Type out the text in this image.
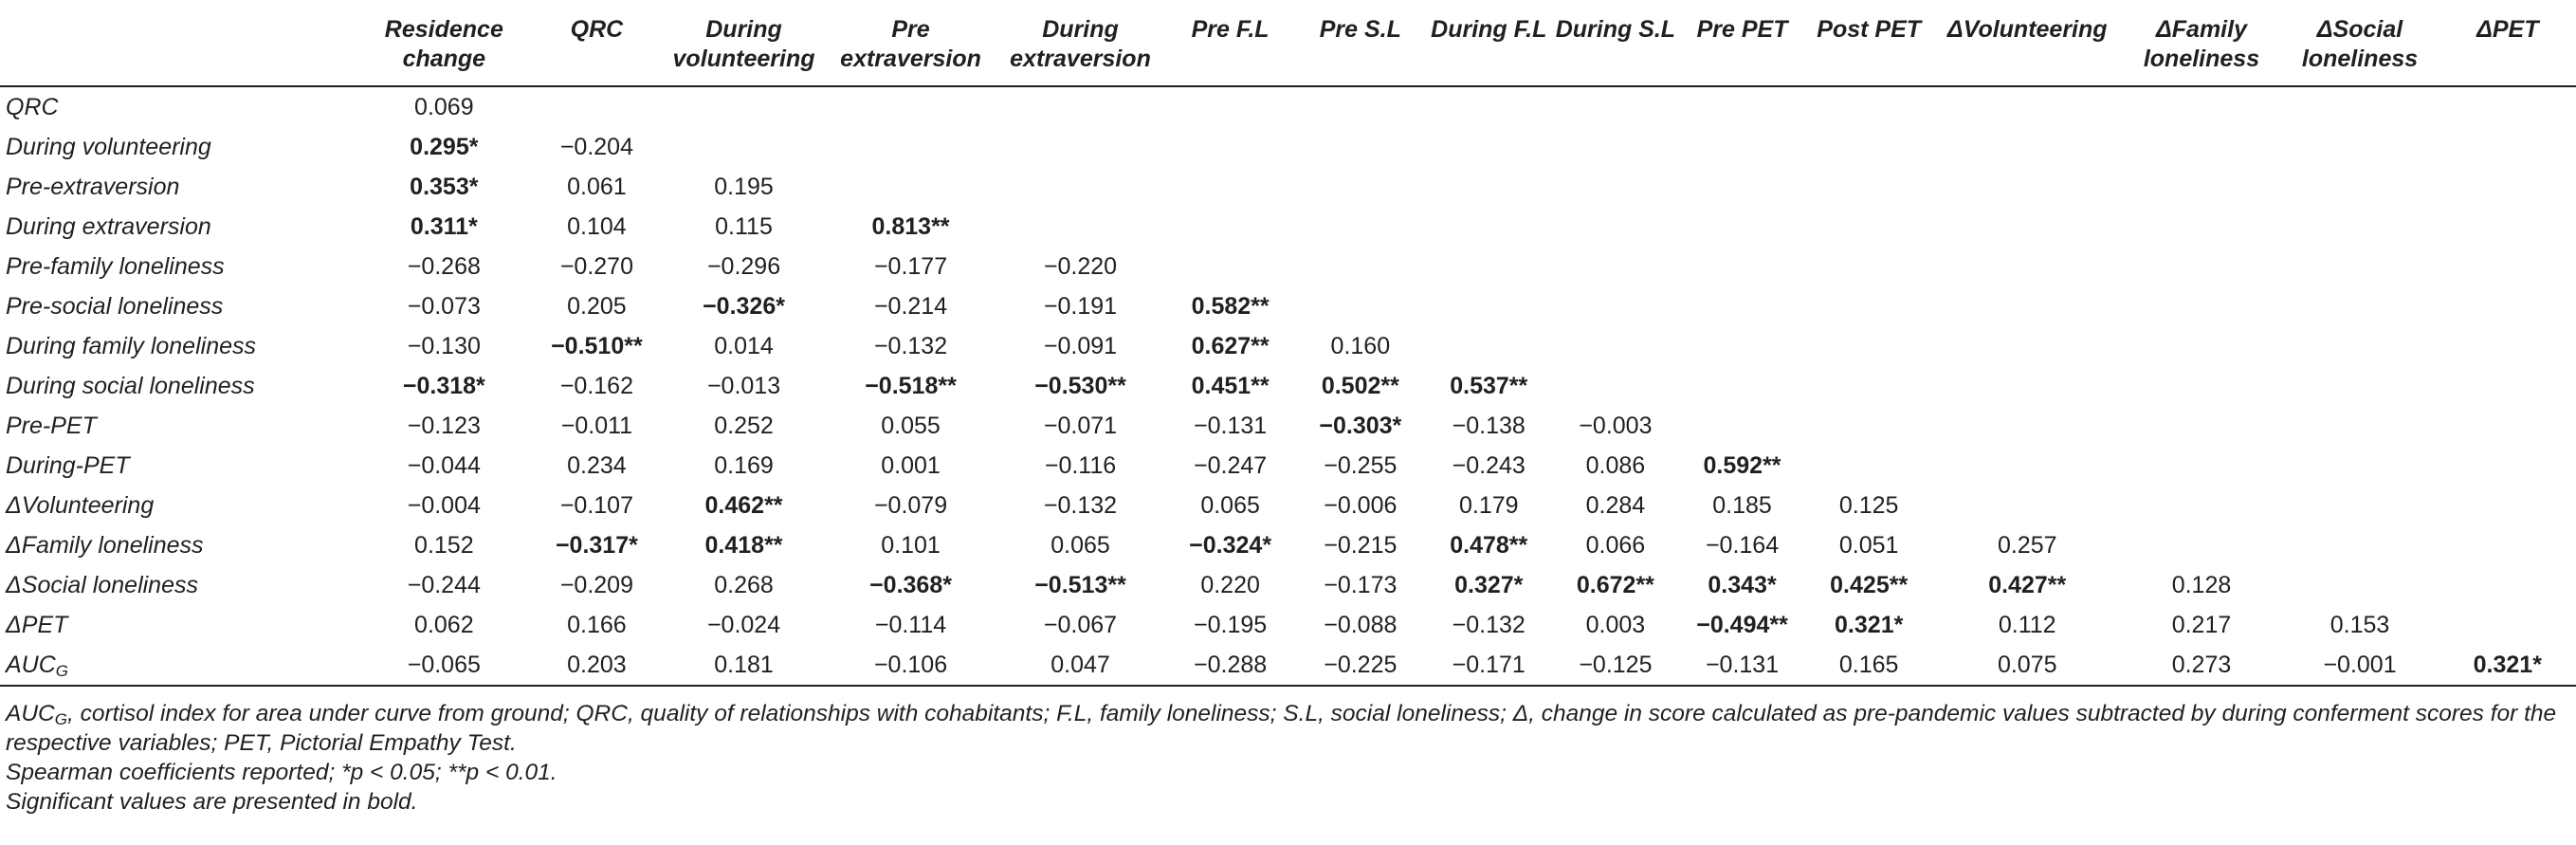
	Residence change	QRC	During volunteering	Pre extraversion	During extraversion	Pre F.L	Pre S.L	During F.L	During S.L	Pre PET	Post PET	ΔVolunteering	ΔFamily loneliness	ΔSocial loneliness	ΔPET
QRC	0.069														
During volunteering	0.295*	−0.204													
Pre-extraversion	0.353*	0.061	0.195												
During extraversion	0.311*	0.104	0.115	0.813**											
Pre-family loneliness	−0.268	−0.270	−0.296	−0.177	−0.220										
Pre-social loneliness	−0.073	0.205	−0.326*	−0.214	−0.191	0.582**									
During family loneliness	−0.130	−0.510**	0.014	−0.132	−0.091	0.627**	0.160								
During social loneliness	−0.318*	−0.162	−0.013	−0.518**	−0.530**	0.451**	0.502**	0.537**							
Pre-PET	−0.123	−0.011	0.252	0.055	−0.071	−0.131	−0.303*	−0.138	−0.003						
During-PET	−0.044	0.234	0.169	0.001	−0.116	−0.247	−0.255	−0.243	0.086	0.592**					
ΔVolunteering	−0.004	−0.107	0.462**	−0.079	−0.132	0.065	−0.006	0.179	0.284	0.185	0.125				
ΔFamily loneliness	0.152	−0.317*	0.418**	0.101	0.065	−0.324*	−0.215	0.478**	0.066	−0.164	0.051	0.257			
ΔSocial loneliness	−0.244	−0.209	0.268	−0.368*	−0.513**	0.220	−0.173	0.327*	0.672**	0.343*	0.425**	0.427**	0.128		
ΔPET	0.062	0.166	−0.024	−0.114	−0.067	−0.195	−0.088	−0.132	0.003	−0.494**	0.321*	0.112	0.217	0.153	
$AUC_G$	−0.065	0.203	0.181	−0.106	0.047	−0.288	−0.225	−0.171	−0.125	−0.131	0.165	0.075	0.273	−0.001	0.321*

$AUC_G$, cortisol index for area under curve from ground; QRC, quality of relationships with cohabitants; F.L, family loneliness; S.L, social loneliness; Δ, change in score calculated as pre-pandemic values subtracted by during conferment scores for the respective variables; PET, Pictorial Empathy Test.

Spearman coefficients reported; *p < 0.05; **p < 0.01.

Significant values are presented in bold.
